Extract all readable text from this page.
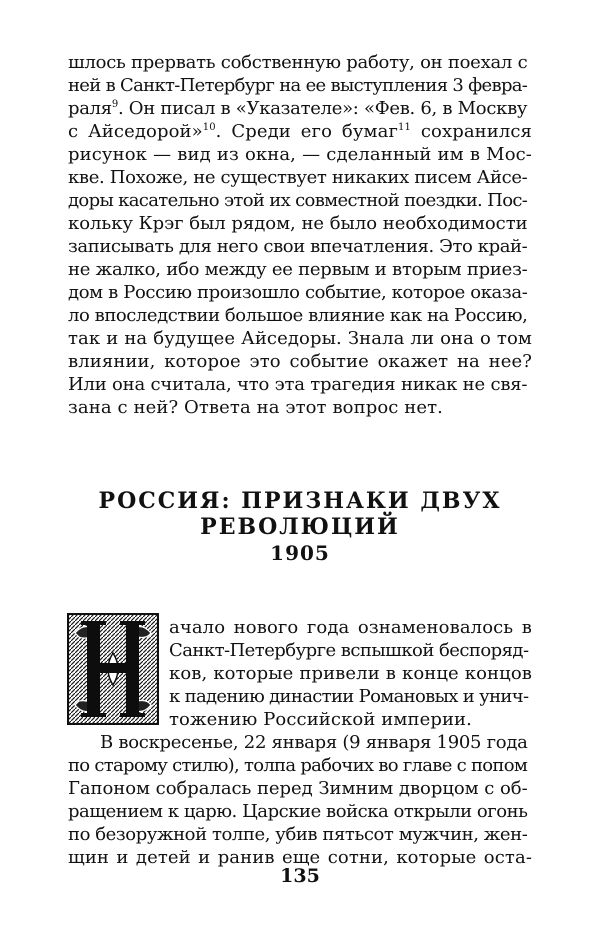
шлось прервать собственную работу, он поехал с
ней в Санкт-Петербург на ее выступления 3 февра-
раля$^9$. Он писал в «Указателе»: «Фев. 6, в Москву
с Айседорой»$^{10}$. Среди его бумаг$^{11}$ сохранился
рисунок — вид из окна, — сделанный им в Мос-
кве. Похоже, не существует никаких писем Айсе-
доры касательно этой их совместной поездки. Пос-
кольку Крэг был рядом, не было необходимости
записывать для него свои впечатления. Это край-
не жалко, ибо между ее первым и вторым приез-
дом в Россию произошло событие, которое оказа-
ло впоследствии большое влияние как на Россию,
так и на будущее Айседоры. Знала ли она о том
влиянии, которое это событие окажет на нее?
Или она считала, что эта трагедия никак не свя-
зана с ней? Ответа на этот вопрос нет.
РОССИЯ: ПРИЗНАКИ ДВУХ
РЕВОЛЮЦИЙ
1905
ачало нового года ознаменовалось в
Санкт-Петербурге вспышкой беспоряд-
ков, которые привели в конце концов
к падению династии Романовых и унич-
тожению Российской империи.
В воскресенье, 22 января (9 января 1905 года
по старому стилю), толпа рабочих во главе с попом
Гапоном собралась перед Зимним дворцом с об-
ращением к царю. Царские войска открыли огонь
по безоружной толпе, убив пятьсот мужчин, жен-
щин и детей и ранив еще сотни, которые оста-
135
